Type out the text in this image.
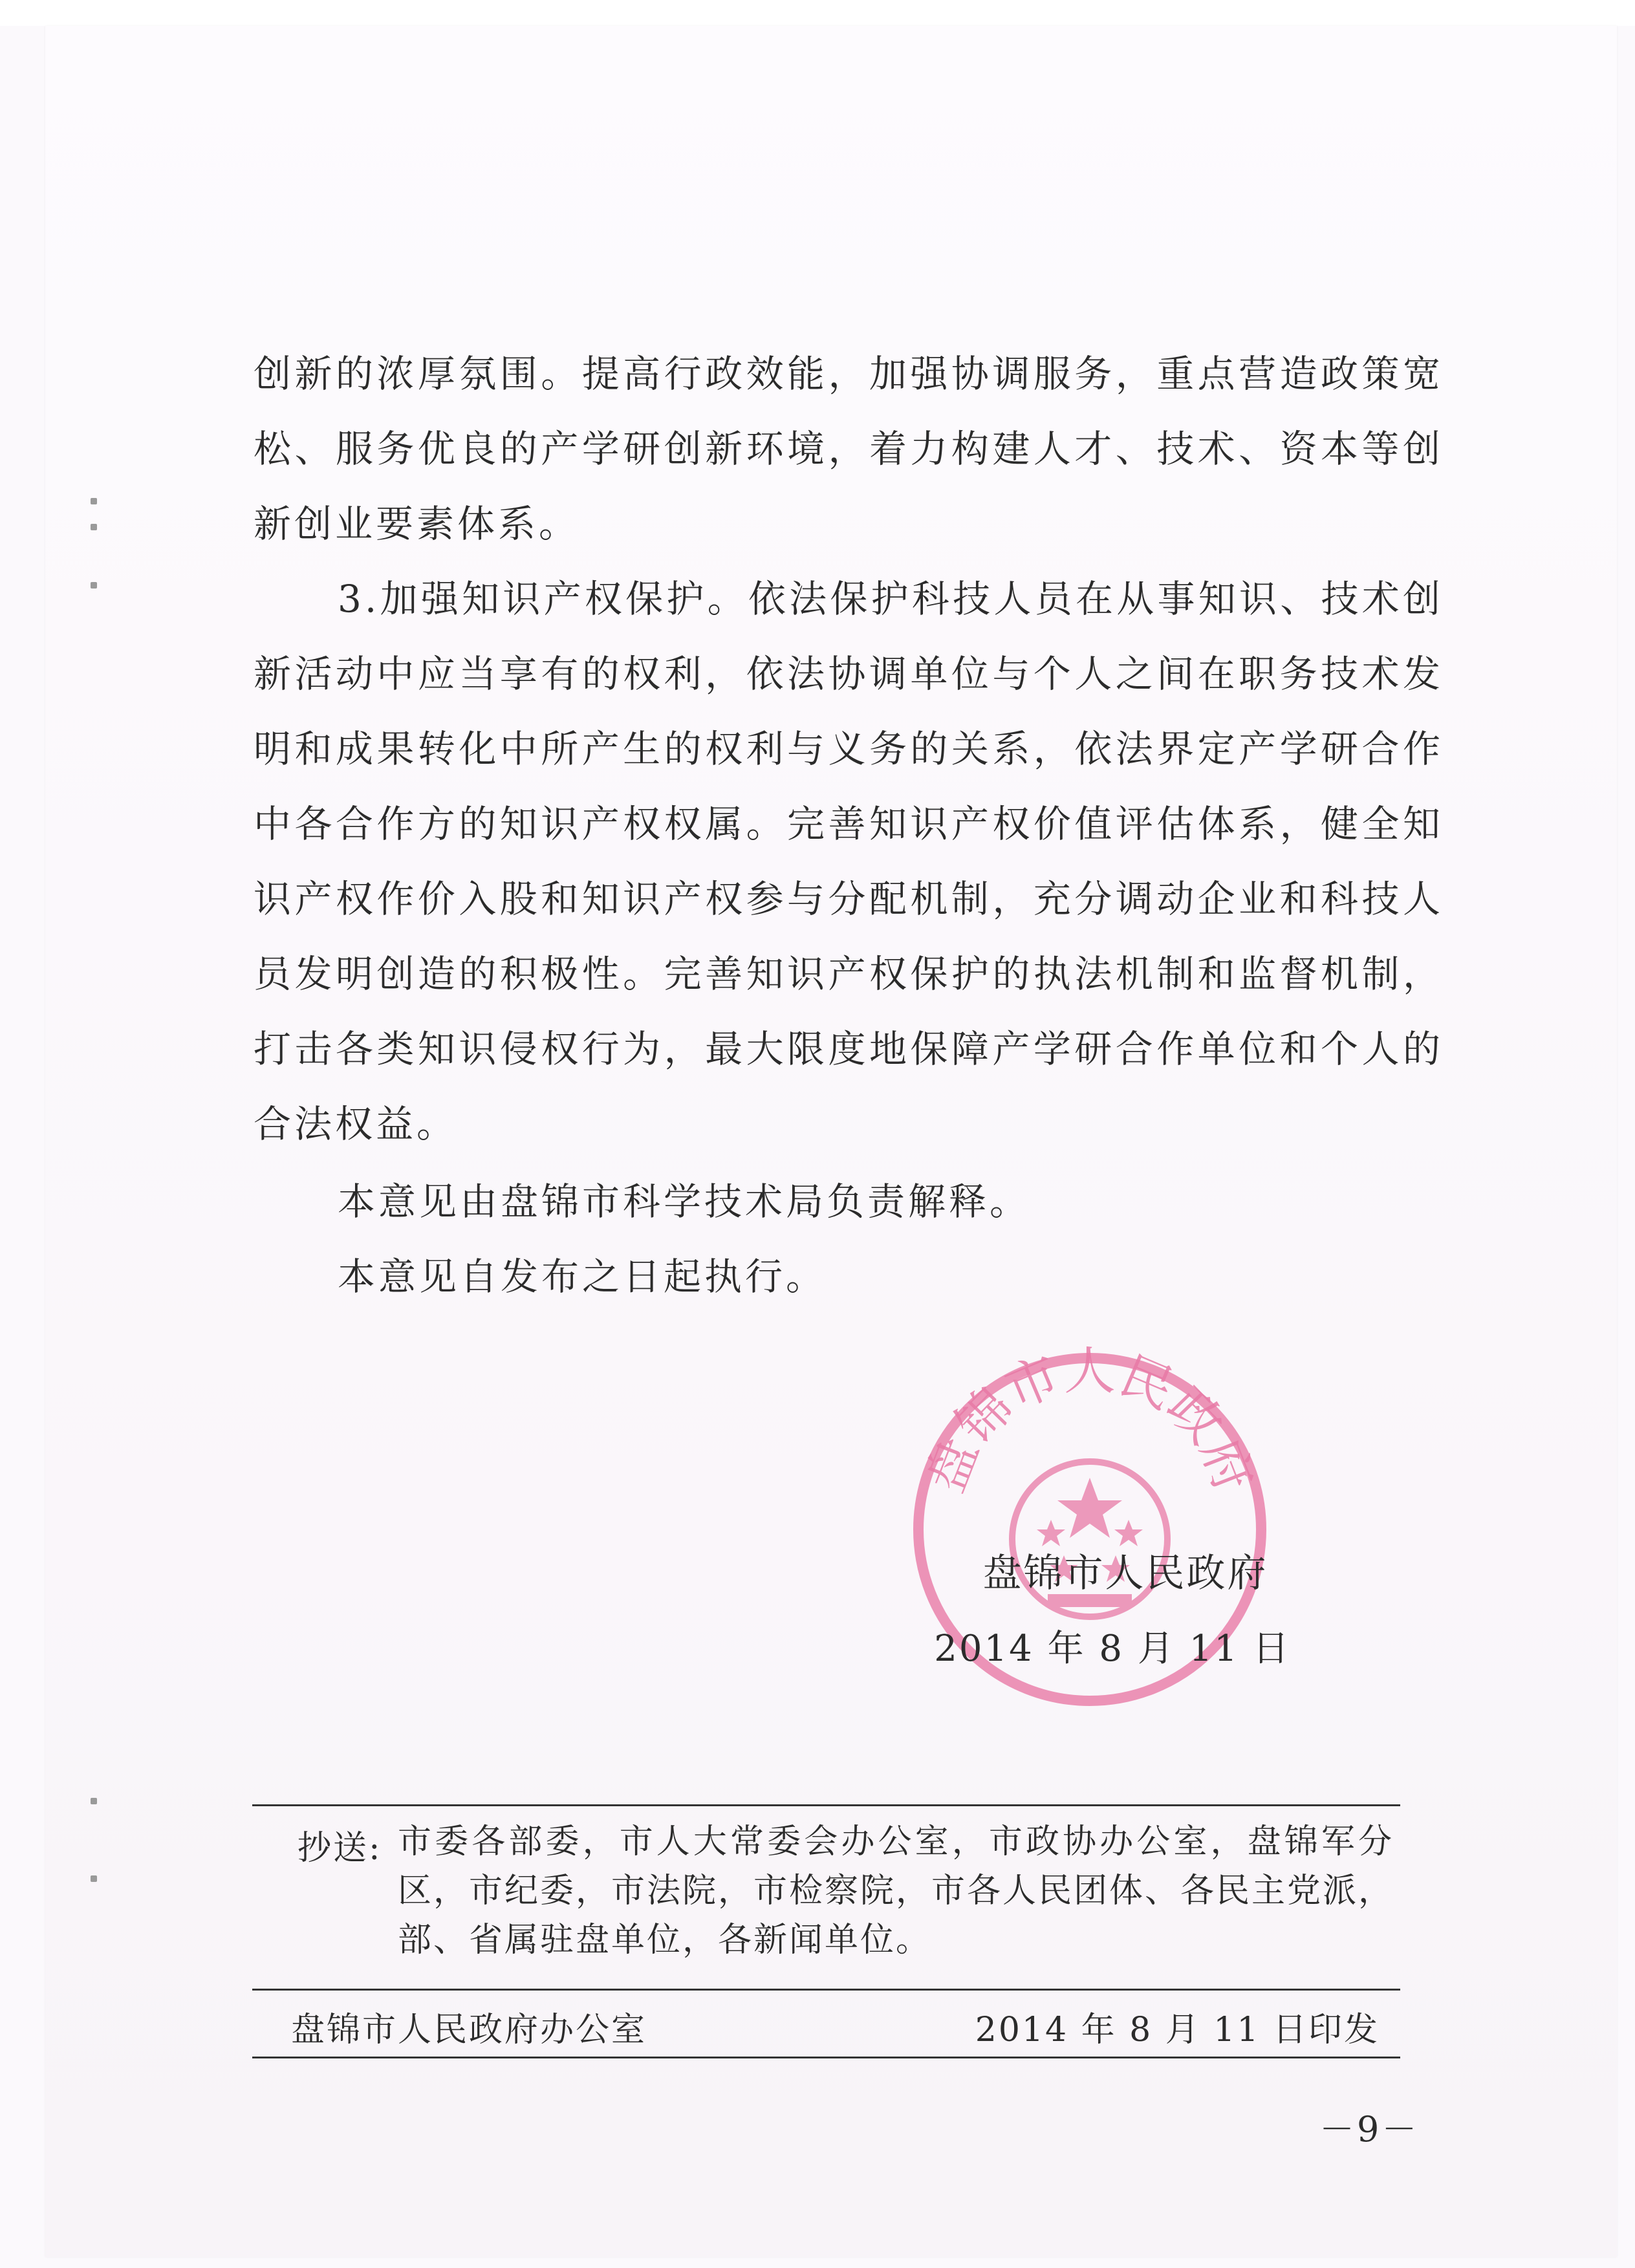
创新的浓厚氛围。提高行政效能，加强协调服务，重点营造政策宽松、服务优良的产学研创新环境，着力构建人才、技术、资本等创新创业要素体系。

3.加强知识产权保护。依法保护科技人员在从事知识、技术创新活动中应当享有的权利，依法协调单位与个人之间在职务技术发明和成果转化中所产生的权利与义务的关系，依法界定产学研合作中各合作方的知识产权权属。完善知识产权价值评估体系，健全知识产权作价入股和知识产权参与分配机制，充分调动企业和科技人员发明创造的积极性。完善知识产权保护的执法机制和监督机制，打击各类知识侵权行为，最大限度地保障产学研合作单位和个人的合法权益。

本意见由盘锦市科学技术局负责解释。

本意见自发布之日起执行。

盘锦市人民政府
盘锦市人民政府
2014 年 8 月 11 日
抄送: 市委各部委，市人大常委会办公室，市政协办公室，盘锦军分区，市纪委，市法院，市检察院，市各人民团体、各民主党派，部、省属驻盘单位，各新闻单位。
盘锦市人民政府办公室	2014 年 8 月 11 日印发
－9－
